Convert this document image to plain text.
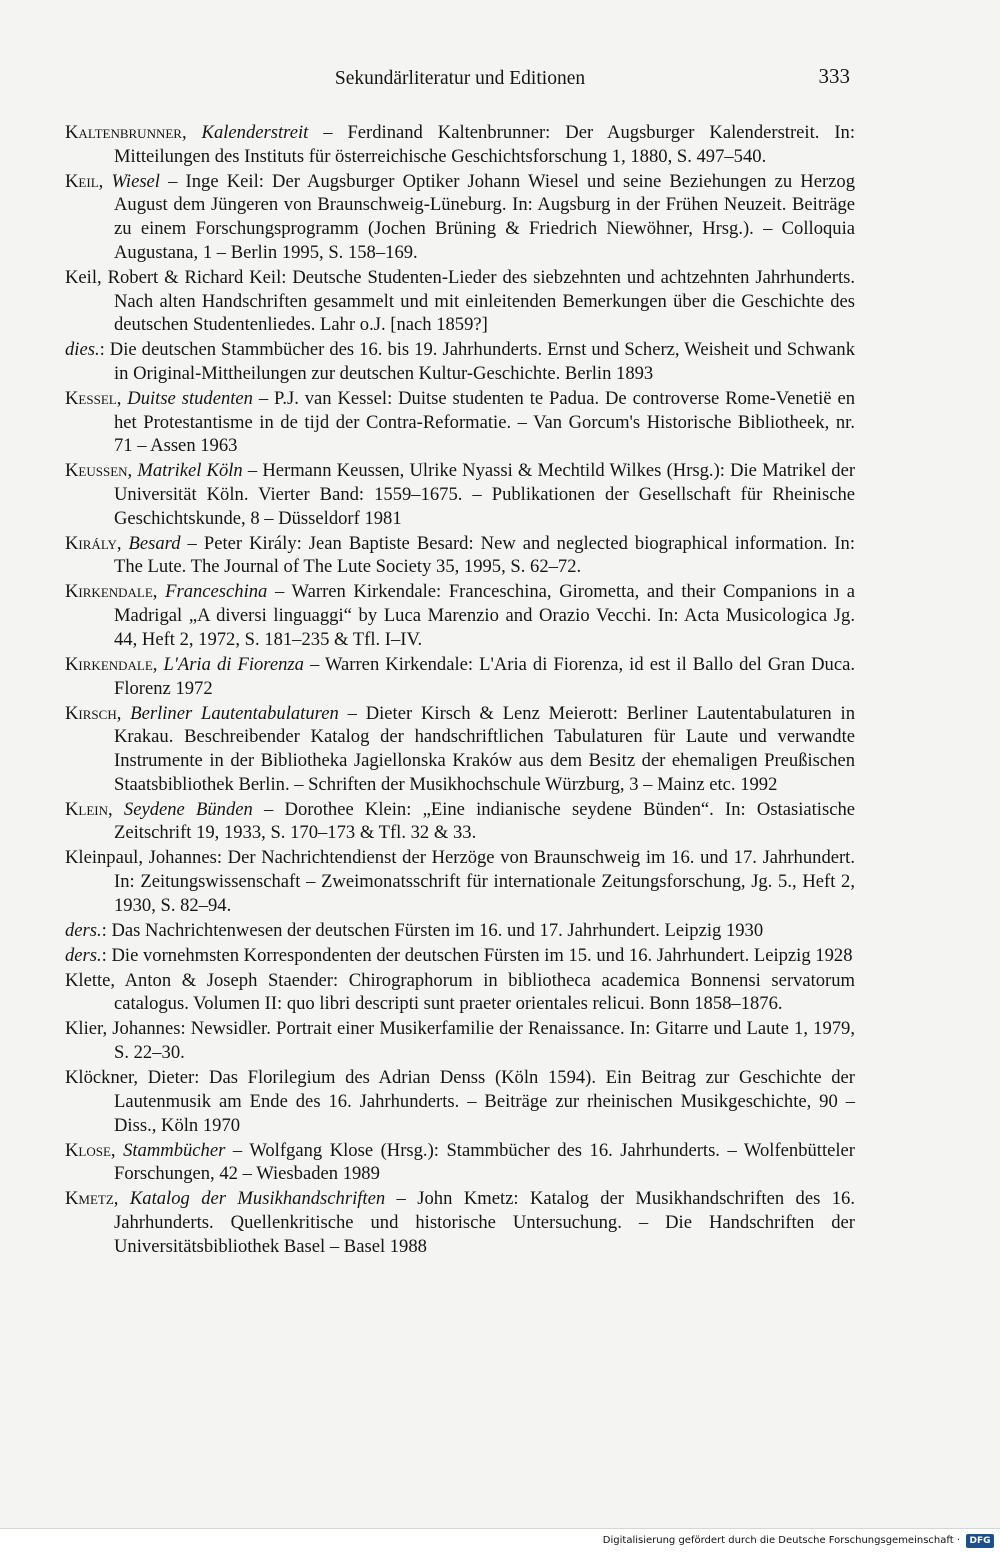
Sekundärliteratur und Editionen	333

Kaltenbrunner, Kalenderstreit – Ferdinand Kaltenbrunner: Der Augsburger Kalenderstreit. In: Mitteilungen des Instituts für österreichische Geschichtsforschung 1, 1880, S. 497–540.

Keil, Wiesel – Inge Keil: Der Augsburger Optiker Johann Wiesel und seine Beziehungen zu Herzog August dem Jüngeren von Braunschweig-Lüneburg. In: Augsburg in der Frühen Neuzeit. Beiträge zu einem Forschungsprogramm (Jochen Brüning & Friedrich Niewöhner, Hrsg.). – Colloquia Augustana, 1 – Berlin 1995, S. 158–169.

Keil, Robert & Richard Keil: Deutsche Studenten-Lieder des siebzehnten und achtzehnten Jahrhunderts. Nach alten Handschriften gesammelt und mit einleitenden Bemerkungen über die Geschichte des deutschen Studentenliedes. Lahr o.J. [nach 1859?]

dies.: Die deutschen Stammbücher des 16. bis 19. Jahrhunderts. Ernst und Scherz, Weisheit und Schwank in Original-Mittheilungen zur deutschen Kultur-Geschichte. Berlin 1893

Kessel, Duitse studenten – P.J. van Kessel: Duitse studenten te Padua. De controverse Rome-Venetië en het Protestantisme in de tijd der Contra-Reformatie. – Van Gorcum's Historische Bibliotheek, nr. 71 – Assen 1963

Keussen, Matrikel Köln – Hermann Keussen, Ulrike Nyassi & Mechtild Wilkes (Hrsg.): Die Matrikel der Universität Köln. Vierter Band: 1559–1675. – Publikationen der Gesellschaft für Rheinische Geschichtskunde, 8 – Düsseldorf 1981

Király, Besard – Peter Király: Jean Baptiste Besard: New and neglected biographical information. In: The Lute. The Journal of The Lute Society 35, 1995, S. 62–72.

Kirkendale, Franceschina – Warren Kirkendale: Franceschina, Girometta, and their Companions in a Madrigal „A diversi linguaggi“ by Luca Marenzio and Orazio Vecchi. In: Acta Musicologica Jg. 44, Heft 2, 1972, S. 181–235 & Tfl. I–IV.

Kirkendale, L'Aria di Fiorenza – Warren Kirkendale: L'Aria di Fiorenza, id est il Ballo del Gran Duca. Florenz 1972

Kirsch, Berliner Lautentabulaturen – Dieter Kirsch & Lenz Meierott: Berliner Lautentabulaturen in Krakau. Beschreibender Katalog der handschriftlichen Tabulaturen für Laute und verwandte Instrumente in der Bibliotheka Jagiellonska Kraków aus dem Besitz der ehemaligen Preußischen Staatsbibliothek Berlin. – Schriften der Musikhochschule Würzburg, 3 – Mainz etc. 1992

Klein, Seydene Bünden – Dorothee Klein: „Eine indianische seydene Bünden“. In: Ostasiatische Zeitschrift 19, 1933, S. 170–173 & Tfl. 32 & 33.

Kleinpaul, Johannes: Der Nachrichtendienst der Herzöge von Braunschweig im 16. und 17. Jahrhundert. In: Zeitungswissenschaft – Zweimonatsschrift für internationale Zeitungsforschung, Jg. 5., Heft 2, 1930, S. 82–94.

ders.: Das Nachrichtenwesen der deutschen Fürsten im 16. und 17. Jahrhundert. Leipzig 1930

ders.: Die vornehmsten Korrespondenten der deutschen Fürsten im 15. und 16. Jahrhundert. Leipzig 1928

Klette, Anton & Joseph Staender: Chirographorum in bibliotheca academica Bonnensi servatorum catalogus. Volumen II: quo libri descripti sunt praeter orientales relicui. Bonn 1858–1876.

Klier, Johannes: Newsidler. Portrait einer Musikerfamilie der Renaissance. In: Gitarre und Laute 1, 1979, S. 22–30.

Klöckner, Dieter: Das Florilegium des Adrian Denss (Köln 1594). Ein Beitrag zur Geschichte der Lautenmusik am Ende des 16. Jahrhunderts. – Beiträge zur rheinischen Musikgeschichte, 90 – Diss., Köln 1970

Klose, Stammbücher – Wolfgang Klose (Hrsg.): Stammbücher des 16. Jahrhunderts. – Wolfenbütteler Forschungen, 42 – Wiesbaden 1989

Kmetz, Katalog der Musikhandschriften – John Kmetz: Katalog der Musikhandschriften des 16. Jahrhunderts. Quellenkritische und historische Untersuchung. – Die Handschriften der Universitätsbibliothek Basel – Basel 1988

Digitalisierung gefördert durch die Deutsche Forschungsgemeinschaft ·	DFG
